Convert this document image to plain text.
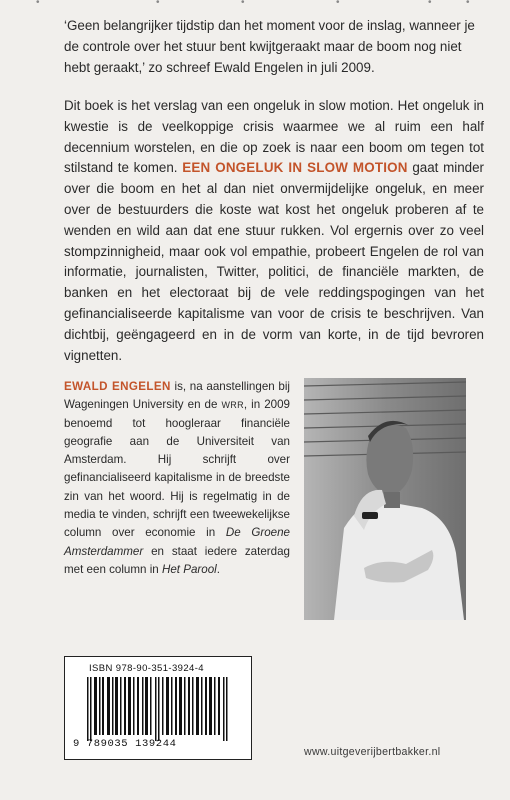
•	•	•	•	•	•

‘Geen belangrijker tijdstip dan het moment voor de inslag, wanneer je de controle over het stuur bent kwijtgeraakt maar de boom nog niet hebt geraakt,’ zo schreef Ewald Engelen in juli 2009.

Dit boek is het verslag van een ongeluk in slow motion. Het ongeluk in kwestie is de veelkoppige crisis waarmee we al ruim een half decennium worstelen, en die op zoek is naar een boom om tegen tot stilstand te komen. EEN ONGELUK IN SLOW MOTION gaat minder over die boom en het al dan niet onvermijdelijke ongeluk, en meer over de bestuurders die koste wat kost het ongeluk proberen af te wenden en wild aan dat ene stuur rukken. Vol ergernis over zo veel stompzinnigheid, maar ook vol empathie, probeert Engelen de rol van informatie, journalisten, Twitter, politici, de financiële markten, de banken en het electoraat bij de vele reddingspogingen van het gefinancialiseerde kapitalisme van voor de crisis te beschrijven. Van dichtbij, geëngageerd en in de vorm van korte, in de tijd bevroren vignetten.

EWALD ENGELEN is, na aanstellingen bij Wageningen University en de WRR, in 2009 benoemd tot hoogleraar financiële geografie aan de Universiteit van Amsterdam. Hij schrijft over gefinancialiseerd kapitalisme in de breedste zin van het woord. Hij is regelmatig in de media te vinden, schrijft een tweewekelijkse column over economie in De Groene Amsterdammer en staat iedere zaterdag met een column in Het Parool.

ISBN 978-90-351-3924-4
9 789035 139244
www.uitgeverijbertbakker.nl
